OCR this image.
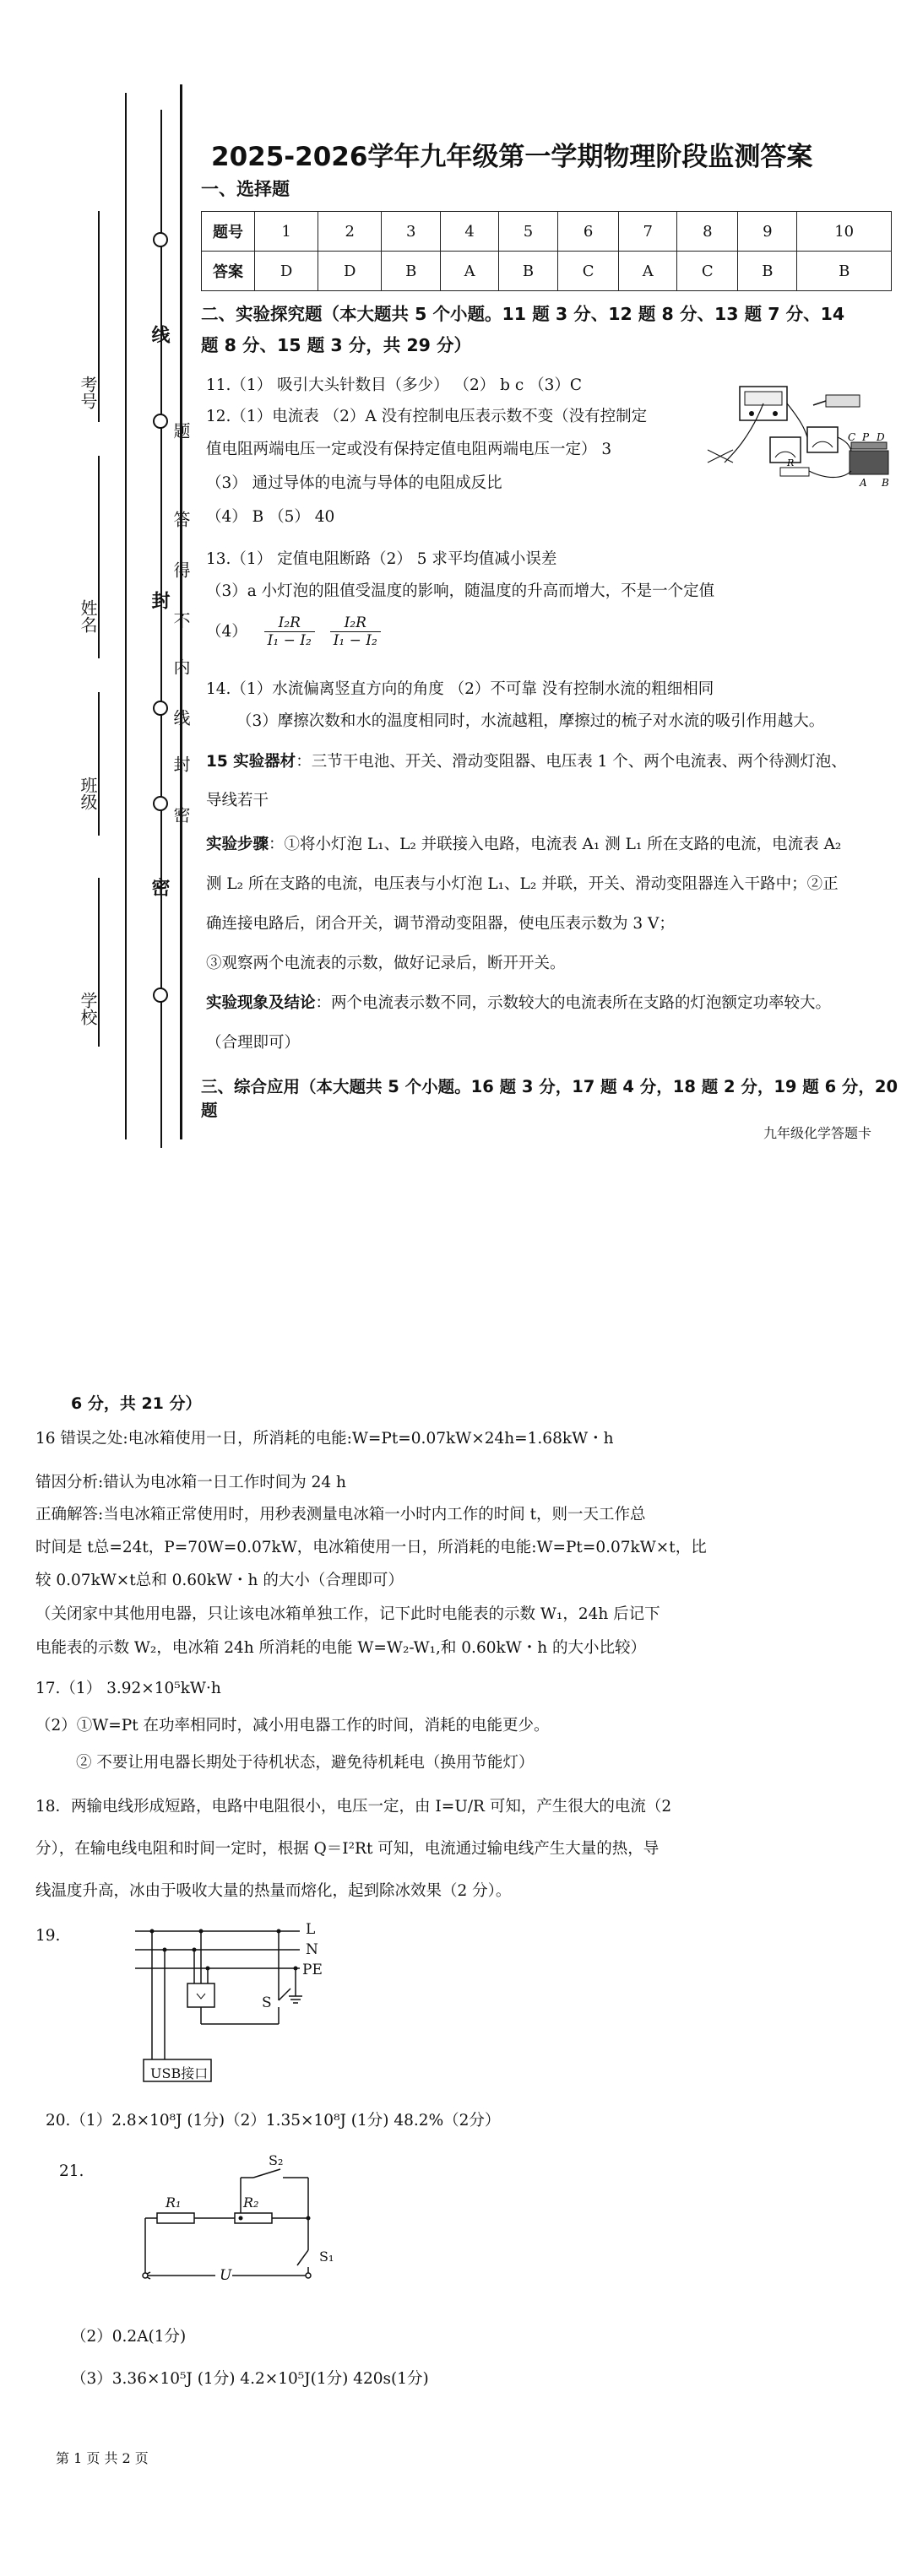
线
封
密
题
答
得
不
内
线
封
密
考号
姓名
班级
学校
2025-2026学年九年级第一学期物理阶段监测答案
一、选择题
题号	1	2	3	4	5	6	7	8	9	10
答案	D	D	B	A	B	C	A	C	B	B
二、实验探究题（本大题共 5 个小题。11 题 3 分、12 题 8 分、13 题 7 分、14
题 8 分、15 题 3 分，共 29 分）
11.（1） 吸引大头针数目（多少） （2） b c （3）C
12.（1）电流表 （2）A 没有控制电压表示数不变（没有控制定
值电阻两端电压一定或没有保持定值电阻两端电压一定） 3
（3） 通过导体的电流与导体的电阻成反比
（4） B （5） 40
R
C P D
A B
13.（1） 定值电阻断路（2） 5 求平均值减小误差
（3）a 小灯泡的阻值受温度的影响，随温度的升高而增大，不是一个定值
$(4) \frac{\text{I₂R}}{\text{I₁ − I₂}}$
$\frac{\text{I₂R}}{\text{I₁ − I₂}}$
14.（1）水流偏离竖直方向的角度 （2）不可靠 没有控制水流的粗细相同
（3）摩擦次数和水的温度相同时，水流越粗，摩擦过的梳子对水流的吸引作用越大。
15 实验器材：三节干电池、开关、滑动变阻器、电压表 1 个、两个电流表、两个待测灯泡、
导线若干
实验步骤：①将小灯泡 L₁、L₂ 并联接入电路，电流表 A₁ 测 L₁ 所在支路的电流，电流表 A₂
测 L₂ 所在支路的电流，电压表与小灯泡 L₁、L₂ 并联，开关、滑动变阻器连入干路中；②正
确连接电路后，闭合开关，调节滑动变阻器，使电压表示数为 3 V；
③观察两个电流表的示数，做好记录后，断开开关。
实验现象及结论：两个电流表示数不同，示数较大的电流表所在支路的灯泡额定功率较大。
（合理即可）
三、综合应用（本大题共 5 个小题。16 题 3 分，17 题 4 分，18 题 2 分，19 题 6 分，20 题
九年级化学答题卡
6 分，共 21 分）
16 错误之处:电冰箱使用一日，所消耗的电能:W=Pt=0.07kW×24h=1.68kW・h
错因分析:错认为电冰箱一日工作时间为 24 h
正确解答:当电冰箱正常使用时，用秒表测量电冰箱一小时内工作的时间 t，则一天工作总
时间是 t总=24t，P=70W=0.07kW，电冰箱使用一日，所消耗的电能:W=Pt=0.07kW×t，比
较 0.07kW×t总和 0.60kW・h 的大小（合理即可）
（关闭家中其他用电器，只让该电冰箱单独工作，记下此时电能表的示数 W₁，24h 后记下
电能表的示数 W₂，电冰箱 24h 所消耗的电能 W=W₂-W₁,和 0.60kW・h 的大小比较）
17.（1） 3.92×10⁵kW·h
（2）①W=Pt 在功率相同时，减小用电器工作的时间，消耗的电能更少。
② 不要让用电器长期处于待机状态，避免待机耗电（换用节能灯）
18．两输电线形成短路，电路中电阻很小，电压一定，由 I=U/R 可知，产生很大的电流（2
分），在输电线电阻和时间一定时，根据 Q＝I²Rt 可知，电流通过输电线产生大量的热，导
线温度升高，冰由于吸收大量的热量而熔化，起到除冰效果（2 分）。
19.	L
N
PE
S
USB接口
20.（1）2.8×10⁸J (1分)（2）1.35×10⁸J (1分) 48.2%（2分）
21.
S₂
R₁	R₂
S₁
U
（2）0.2A(1分)
（3）3.36×10⁵J (1分) 4.2×10⁵J(1分) 420s(1分)
第 1 页 共 2 页
